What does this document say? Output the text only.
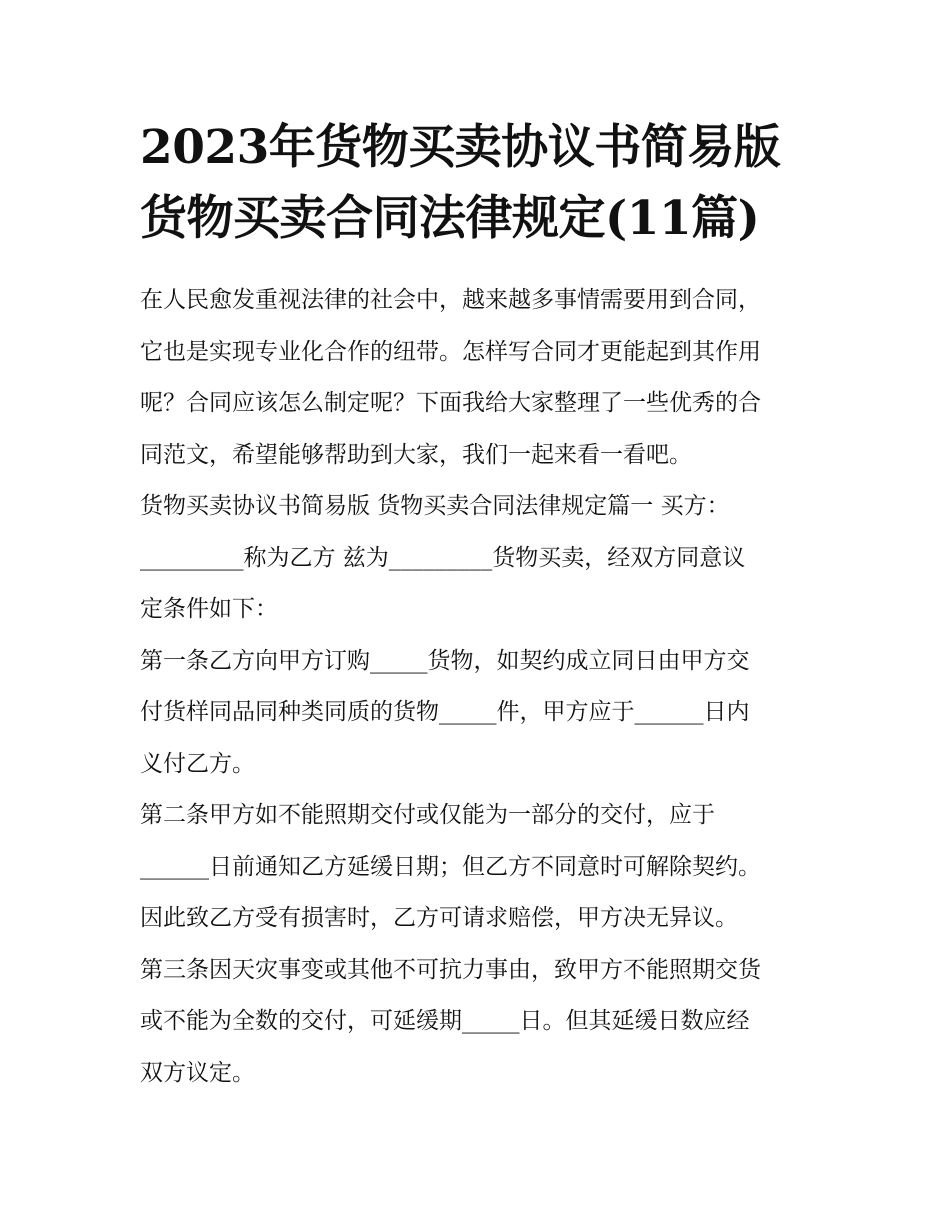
2023年货物买卖协议书简易版
货物买卖合同法律规定(11篇)
在人民愈发重视法律的社会中，越来越多事情需要用到合同，
它也是实现专业化合作的纽带。怎样写合同才更能起到其作用
呢？合同应该怎么制定呢？下面我给大家整理了一些优秀的合
同范文，希望能够帮助到大家，我们一起来看一看吧。
货物买卖协议书简易版 货物买卖合同法律规定篇一 买方：
_________称为乙方 兹为_________货物买卖，经双方同意议
定条件如下：
第一条乙方向甲方订购_____货物，如契约成立同日由甲方交
付货样同品同种类同质的货物_____件，甲方应于______日内
义付乙方。
第二条甲方如不能照期交付或仅能为一部分的交付，应于
______日前通知乙方延缓日期；但乙方不同意时可解除契约。
因此致乙方受有损害时，乙方可请求赔偿，甲方决无异议。
第三条因天灾事变或其他不可抗力事由，致甲方不能照期交货
或不能为全数的交付，可延缓期_____日。但其延缓日数应经
双方议定。
